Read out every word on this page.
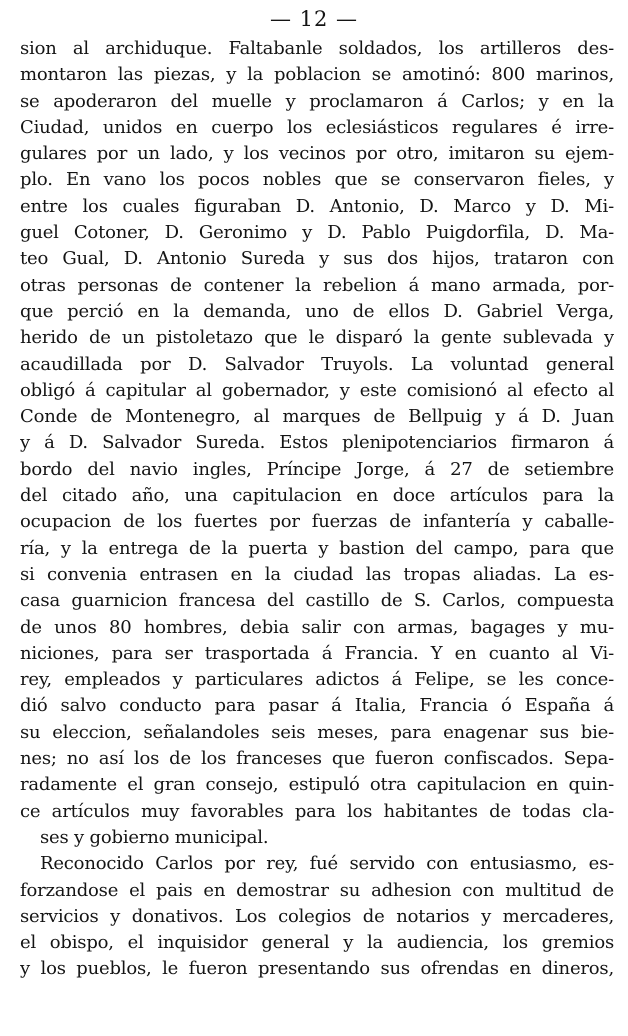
— 12 —
sion al archiduque. Faltabanle soldados, los artilleros des-
montaron las piezas, y la poblacion se amotinó: 800 marinos,
se apoderaron del muelle y proclamaron á Carlos; y en la
Ciudad, unidos en cuerpo los eclesiásticos regulares é irre-
gulares por un lado, y los vecinos por otro, imitaron su ejem-
plo. En vano los pocos nobles que se conservaron fieles, y
entre los cuales figuraban D. Antonio, D. Marco y D. Mi-
guel Cotoner, D. Geronimo y D. Pablo Puigdorfila, D. Ma-
teo Gual, D. Antonio Sureda y sus dos hijos, trataron con
otras personas de contener la rebelion á mano armada, por-
que perció en la demanda, uno de ellos D. Gabriel Verga,
herido de un pistoletazo que le disparó la gente sublevada y
acaudillada por D. Salvador Truyols. La voluntad general
obligó á capitular al gobernador, y este comisionó al efecto al
Conde de Montenegro, al marques de Bellpuig y á D. Juan
y á D. Salvador Sureda. Estos plenipotenciarios firmaron á
bordo del navio ingles, Príncipe Jorge, á 27 de setiembre
del citado año, una capitulacion en doce artículos para la
ocupacion de los fuertes por fuerzas de infantería y caballe-
ría, y la entrega de la puerta y bastion del campo, para que
si convenia entrasen en la ciudad las tropas aliadas. La es-
casa guarnicion francesa del castillo de S. Carlos, compuesta
de unos 80 hombres, debia salir con armas, bagages y mu-
niciones, para ser trasportada á Francia. Y en cuanto al Vi-
rey, empleados y particulares adictos á Felipe, se les conce-
dió salvo conducto para pasar á Italia, Francia ó España á
su eleccion, señalandoles seis meses, para enagenar sus bie-
nes; no así los de los franceses que fueron confiscados. Sepa-
radamente el gran consejo, estipuló otra capitulacion en quin-
ce artículos muy favorables para los habitantes de todas cla-
ses y gobierno municipal.
Reconocido Carlos por rey, fué servido con entusiasmo, es-
forzandose el pais en demostrar su adhesion con multitud de
servicios y donativos. Los colegios de notarios y mercaderes,
el obispo, el inquisidor general y la audiencia, los gremios
y los pueblos, le fueron presentando sus ofrendas en dineros,
